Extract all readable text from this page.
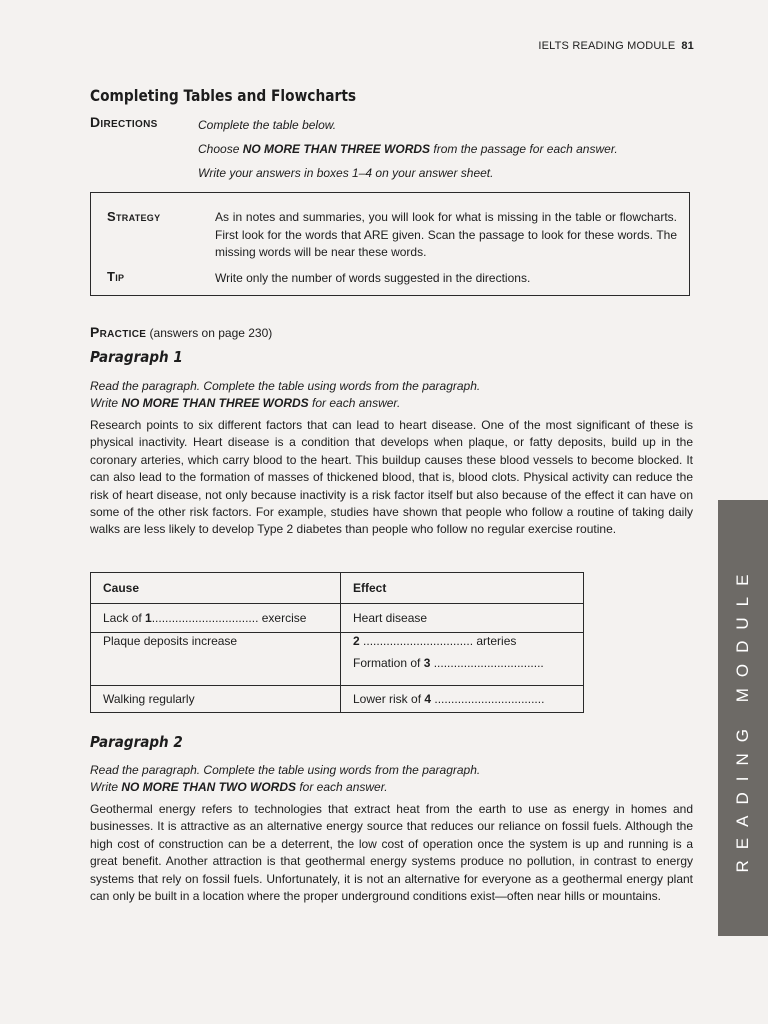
IELTS READING MODULE 81
Completing Tables and Flowcharts
Directions	Complete the table below.
Choose NO MORE THAN THREE WORDS from the passage for each answer.
Write your answers in boxes 1–4 on your answer sheet.
Strategy	As in notes and summaries, you will look for what is missing in the table or flowcharts. First look for the words that ARE given. Scan the passage to look for these words. The missing words will be near these words.
Tip	Write only the number of words suggested in the directions.
Practice (answers on page 230)
Paragraph 1
Read the paragraph. Complete the table using words from the paragraph.
Write NO MORE THAN THREE WORDS for each answer.

Research points to six different factors that can lead to heart disease. One of the most significant of these is physical inactivity. Heart disease is a condition that develops when plaque, or fatty deposits, build up in the coronary arteries, which carry blood to the heart. This buildup causes these blood vessels to become blocked. It can also lead to the formation of masses of thickened blood, that is, blood clots. Physical activity can reduce the risk of heart disease, not only because inactivity is a risk factor itself but also because of the effect it can have on some of the other risk factors. For example, studies have shown that people who follow a routine of taking daily walks are less likely to develop Type 2 diabetes than people who follow no regular exercise routine.

Cause	Effect
Lack of 1................................ exercise	Heart disease
Plaque deposits increase	2 ................................. arteries
Formation of 3 .................................

Walking regularly	Lower risk of 4 .................................
Paragraph 2
Read the paragraph. Complete the table using words from the paragraph.
Write NO MORE THAN TWO WORDS for each answer.

Geothermal energy refers to technologies that extract heat from the earth to use as energy in homes and businesses. It is attractive as an alternative energy source that reduces our reliance on fossil fuels. Although the high cost of construction can be a deterrent, the low cost of operation once the system is up and running is a great benefit. Another attraction is that geothermal energy systems produce no pollution, in contrast to energy systems that rely on fossil fuels. Unfortunately, it is not an alternative for everyone as a geothermal energy plant can only be built in a location where the proper underground conditions exist—often near hills or mountains.

READING MODULE
